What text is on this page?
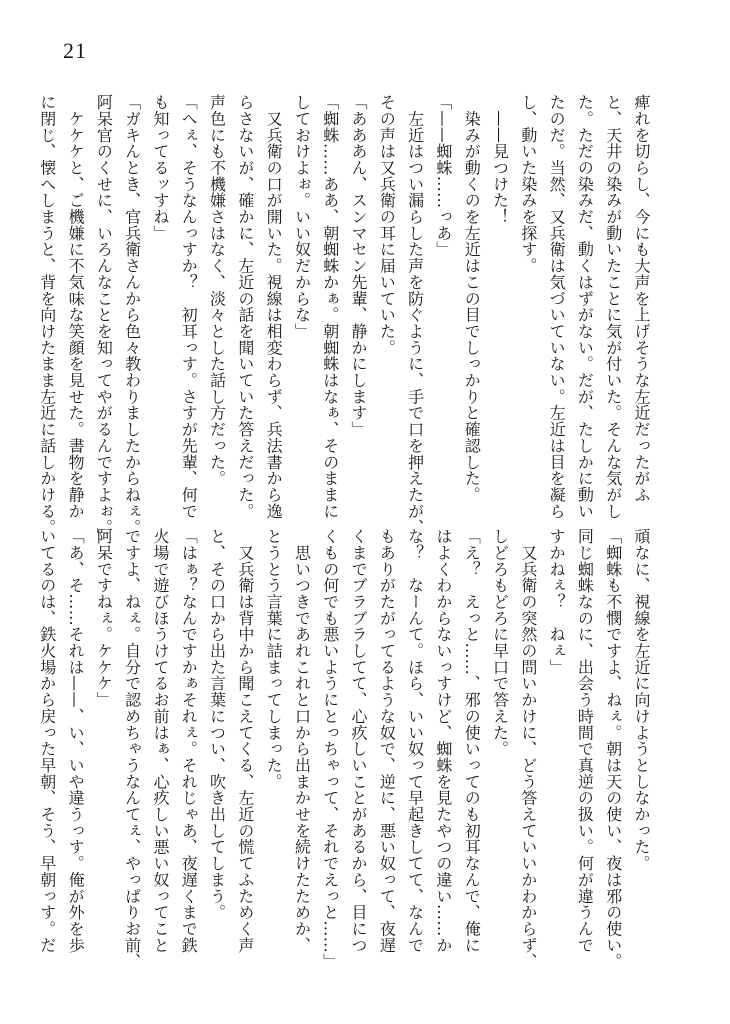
21

痺れを切らし、今にも大声を上げそうな左近だったがふ

と、天井の染みが動いたことに気が付いた。そんな気がし

た。ただの染みだ、動くはずがない。だが、たしかに動い

たのだ。当然、又兵衛は気づいていない。左近は目を凝ら

し、動いた染みを探す。

　——見つけた！

　染みが動くのを左近はこの目でしっかりと確認した。

「——蜘蛛……っあ」

　左近はつい漏らした声を防ぐように、手で口を押えたが、

その声は又兵衛の耳に届いていた。

「あああん、スンマセン先輩、静かにします」

「蜘蛛……ああ、朝蜘蛛かぁ。朝蜘蛛はなぁ、そのままに

しておけよぉ。いい奴だからな」

　又兵衛の口が開いた。視線は相変わらず、兵法書から逸

らさないが、確かに、左近の話を聞いていた答えだった。

声色にも不機嫌さはなく、淡々とした話し方だった。

「へぇ、そうなんっすか？　初耳っす。さすが先輩、何で

も知ってるッすね」

「ガキんとき、官兵衛さんから色々教わりましたからねぇ。

阿呆官のくせに、いろんなことを知ってやがるんですよぉ。」

　ケケケと、ご機嫌に不気味な笑顔を見せた。書物を静か

に閉じ、懐へしまうと、背を向けたまま左近に話しかける。

頑なに、視線を左近に向けようとしなかった。

「蜘蛛も不憫ですよ、ねぇ。朝は天の使い、夜は邪の使い。

同じ蜘蛛なのに、出会う時間で真逆の扱い。何が違うんで

すかねぇ？　ねぇ」

　又兵衛の突然の問いかけに、どう答えていいかわからず、

しどろもどろに早口で答えた。

「え？　えっと……、邪の使いってのも初耳なんで、俺に

はよくわからないっすけど、蜘蛛を見たやつの違い……か

な？　なーんて。ほら、いい奴って早起きしてて、なんで

もありがたがってるような奴で、逆に、悪い奴って、夜遅

くまでブラブラしてて、心疚しいことがあるから、目につ

くもの何でも悪いようにとっちゃって、それでえっと……」

　思いつきであれこれと口から出まかせを続けたためか、

とうとう言葉に詰まってしまった。

　又兵衛は背中から聞こえてくる、左近の慌てふためく声

と、その口から出た言葉につい、吹き出してしまう。

「はぁ？なんですかぁそれぇ。それじゃあ、夜遅くまで鉄

火場で遊びほうけてるお前はぁ、心疚しい悪い奴ってこと

ですよ、ねぇ。自分で認めちゃうなんてぇ、やっぱりお前、

阿呆ですねぇ。ケケケ」

「あ、そ……それは——、い、いや違うっす。俺が外を歩

いてるのは、鉄火場から戻った早朝、そう、早朝っす。だ
